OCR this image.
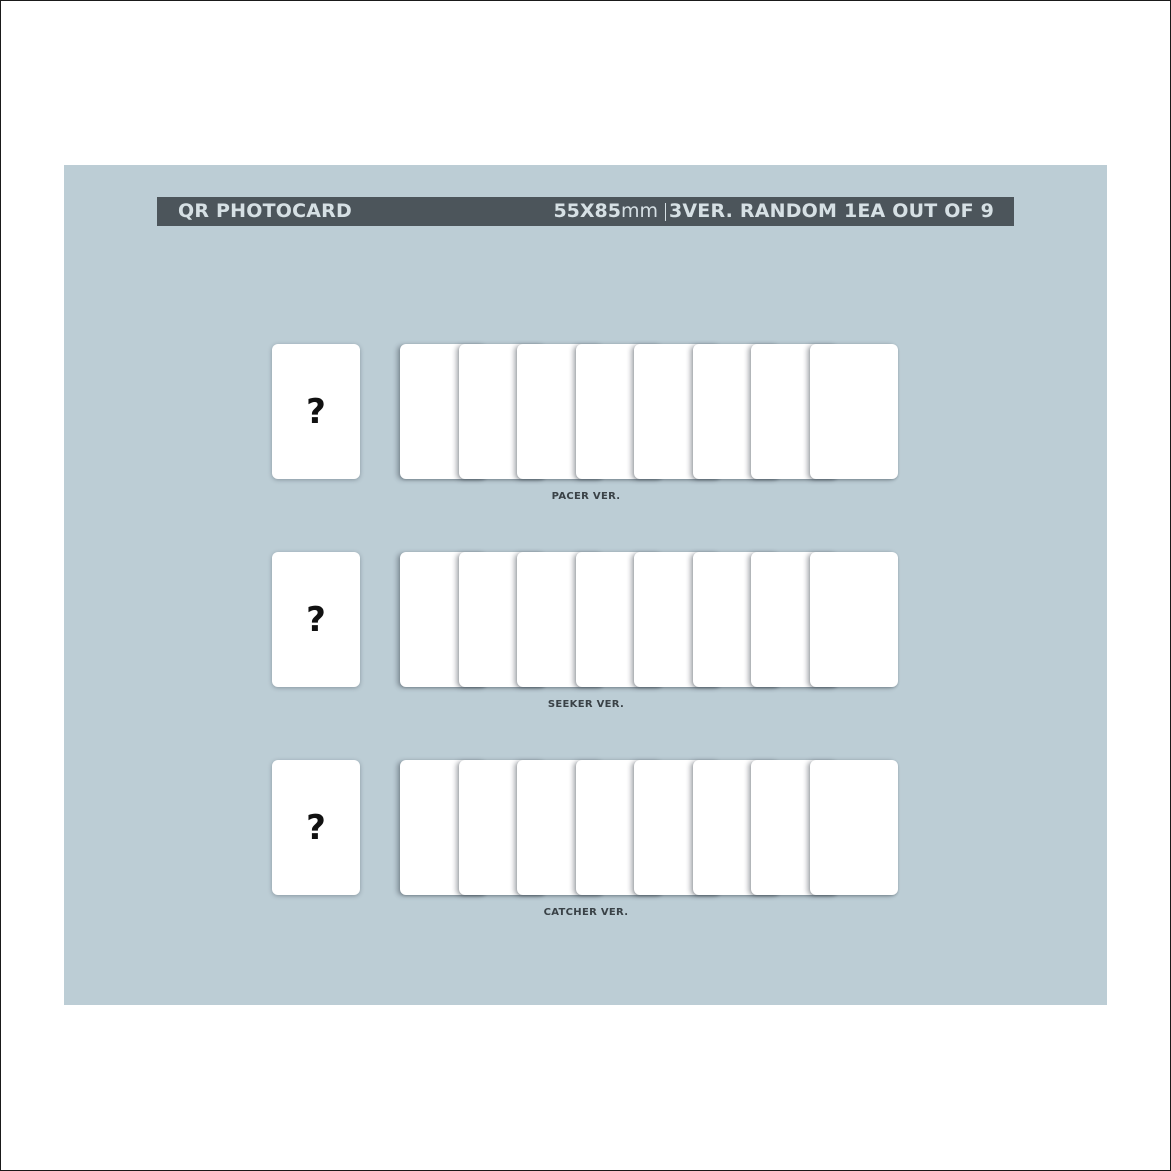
QR PHOTOCARD	55X85mm 3VER. RANDOM 1EA OUT OF 9
?
PACER VER.
?
SEEKER VER.
?
CATCHER VER.
